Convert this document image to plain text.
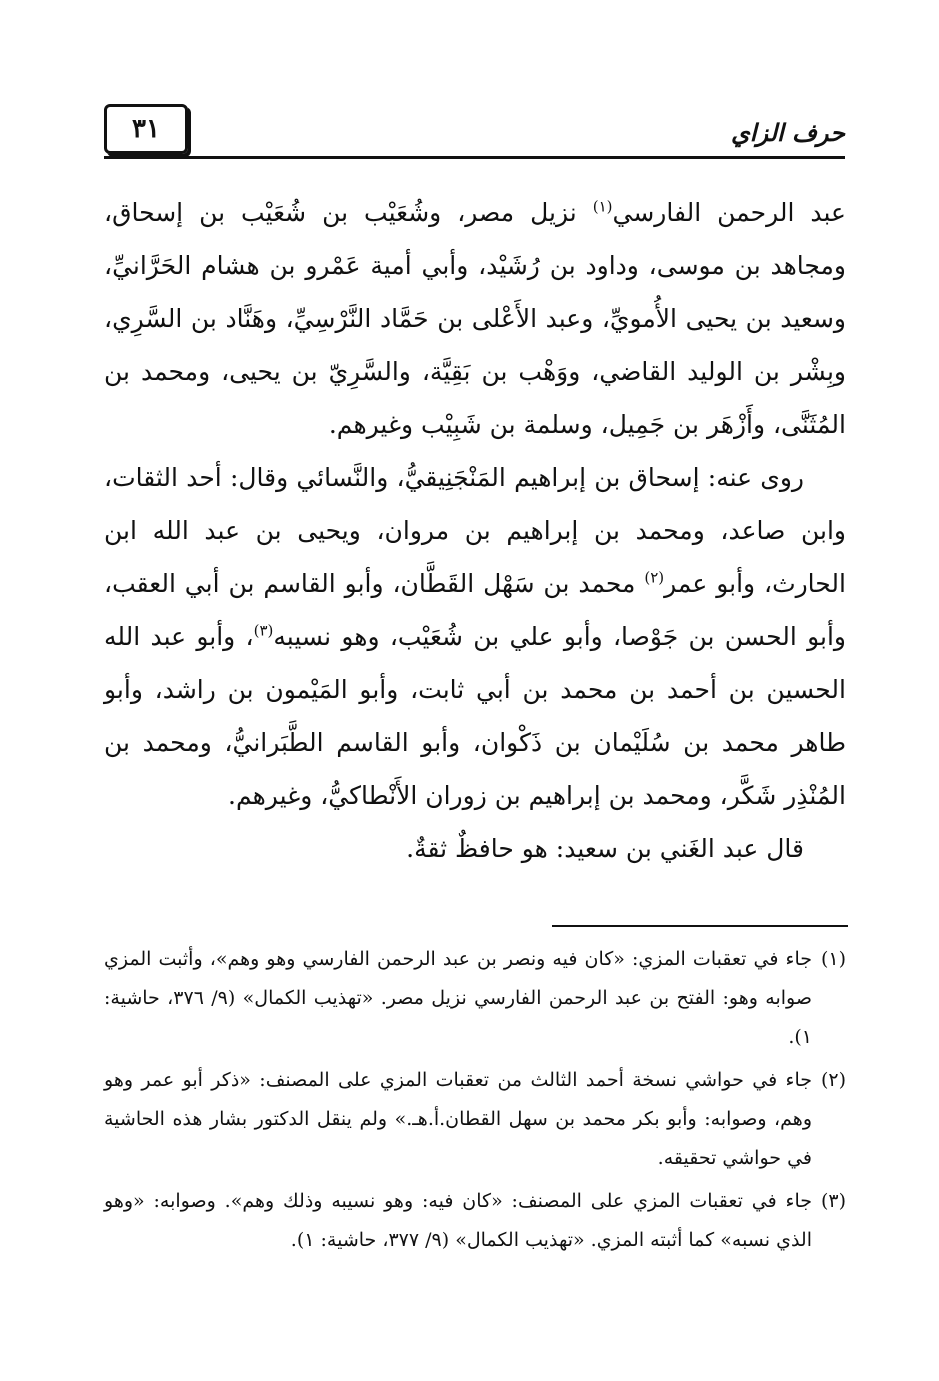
٣١	حرف الزاي

عبد الرحمن الفارسي$^{(١)}$ نزيل مصر، وشُعَيْب بن شُعَيْب بن إسحاق، ومجاهد بن موسى، وداود بن رُشَيْد، وأبي أمية عَمْرو بن هشام الحَرَّانيِّ، وسعيد بن يحيى الأُمويِّ، وعبد الأَعْلى بن حَمَّاد النَّرْسِيِّ، وهَنَّاد بن السَّرِي، وبِشْر بن الوليد القاضي، ووَهْب بن بَقِيَّة، والسَّرِيّ بن يحيى، ومحمد بن المُثَنَّى، وأَزْهَر بن جَمِيل، وسلمة بن شَبِيْب وغيرهم.

روى عنه: إسحاق بن إبراهيم المَنْجَنِيقيُّ، والنَّسائي وقال: أحد الثقات، وابن صاعد، ومحمد بن إبراهيم بن مروان، ويحيى بن عبد الله ابن الحارث، وأبو عمر$^{(٢)}$ محمد بن سَهْل القَطَّان، وأبو القاسم بن أبي العقب، وأبو الحسن بن جَوْصا، وأبو علي بن شُعَيْب، وهو نسيبه$^{(٣)}$، وأبو عبد الله الحسين بن أحمد بن محمد بن أبي ثابت، وأبو المَيْمون بن راشد، وأبو طاهر محمد بن سُلَيْمان بن ذَكْوان، وأبو القاسم الطَّبَرانيُّ، ومحمد بن المُنْذِر شَكَّر، ومحمد بن إبراهيم بن زوران الأَنْطاكيُّ، وغيرهم.

قال عبد الغَني بن سعيد: هو حافظٌ ثقةٌ.

(١)
جاء في تعقبات المزي: «كان فيه ونصر بن عبد الرحمن الفارسي وهو وهم»، وأثبت المزي صوابه وهو: الفتح بن عبد الرحمن الفارسي نزيل مصر. «تهذيب الكمال» (٩/ ٣٧٦، حاشية: ١).

(٢)
جاء في حواشي نسخة أحمد الثالث من تعقبات المزي على المصنف: «ذكر أبو عمر وهو وهم، وصوابه: وأبو بكر محمد بن سهل القطان.أ.هـ.» ولم ينقل الدكتور بشار هذه الحاشية في حواشي تحقيقه.

(٣)
جاء في تعقبات المزي على المصنف: «كان فيه: وهو نسيبه وذلك وهم». وصوابه: «وهو الذي نسبه» كما أثبته المزي. «تهذيب الكمال» (٩/ ٣٧٧، حاشية: ١).
